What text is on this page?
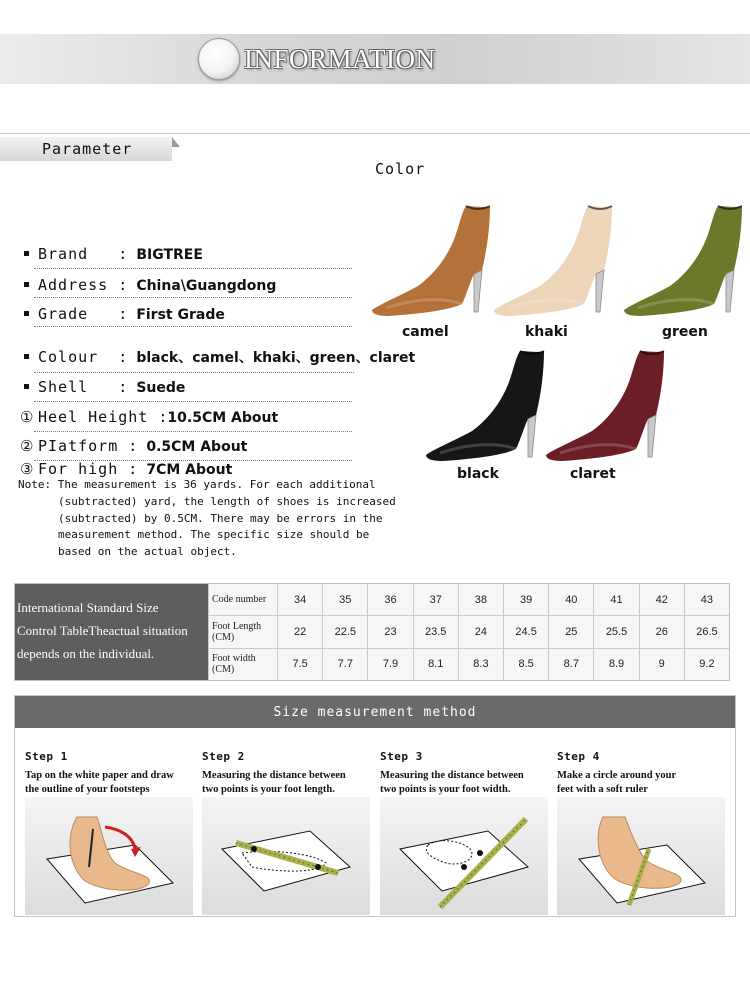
INFORMATION
Parameter
Color
Brand   : BIGTREE
Address : China\Guangdong
Grade   : First Grade
Colour  : black、camel、khaki、green、claret
Shell   : Suede
① Heel Height :10.5CM About
② PIatform : 0.5CM About
③ For high : 7CM About
Note: The measurement is 36 yards. For each additional
(subtracted) yard, the length of shoes is increased
(subtracted) by 0.5CM. There may be errors in the
measurement method. The specific size should be
based on the actual object.
camel	khaki	green
black	claret
International Standard Size
Control TableTheactual situation
depends on the individual.
Code number	34	35	36	37	38	39	40	41	42	43
Foot Length (CM)	22	22.5	23	23.5	24	24.5	25	25.5	26	26.5
Foot width (CM)	7.5	7.7	7.9	8.1	8.3	8.5	8.7	8.9	9	9.2
Size measurement method
Step 1
Tap on the white paper and draw
the outline of your footsteps
Step 2
Measuring the distance between
two points is your foot length.
Step 3
Measuring the distance between
two points is your foot width.
Step 4
Make a circle around your
feet with a soft ruler
